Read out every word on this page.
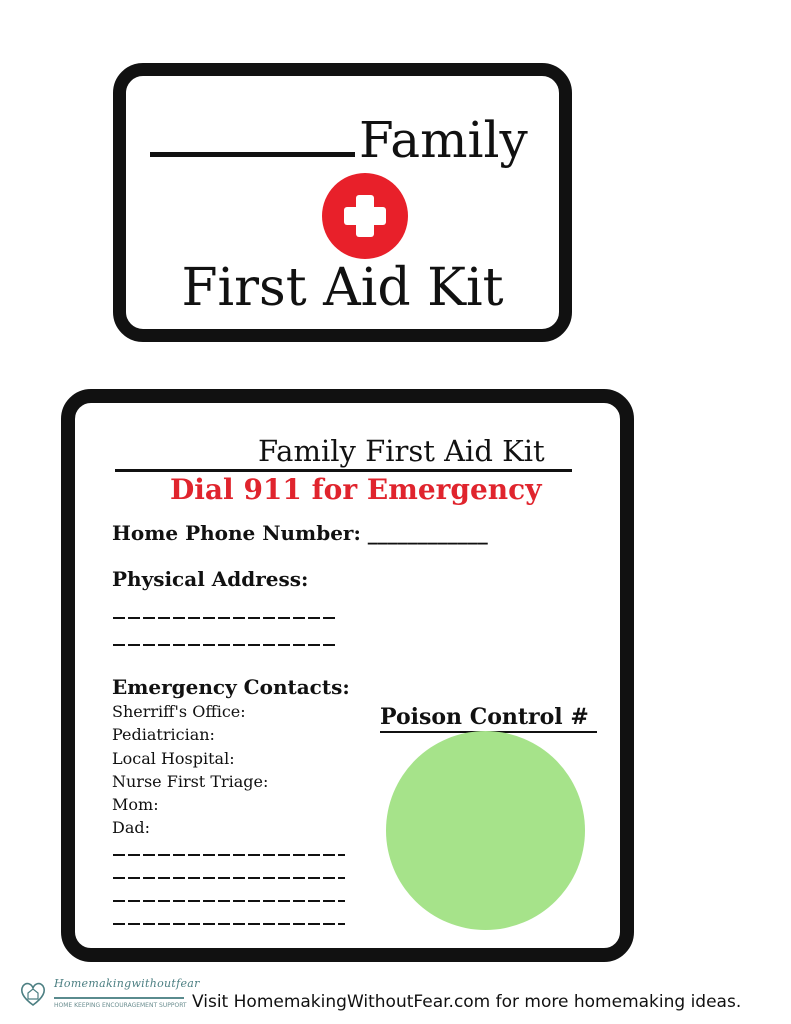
Family
First Aid Kit
Family First Aid Kit
Dial 911 for Emergency
Home Phone Number: ____________
Physical Address:
Emergency Contacts:
Sherriff's Office:
Pediatrician:
Local Hospital:
Nurse First Triage:
Mom:
Dad:
Poison Control #
Homemakingwithoutfear
HOME KEEPING ENCOURAGEMENT SUPPORT Visit HomemakingWithoutFear.com for more homemaking ideas.
